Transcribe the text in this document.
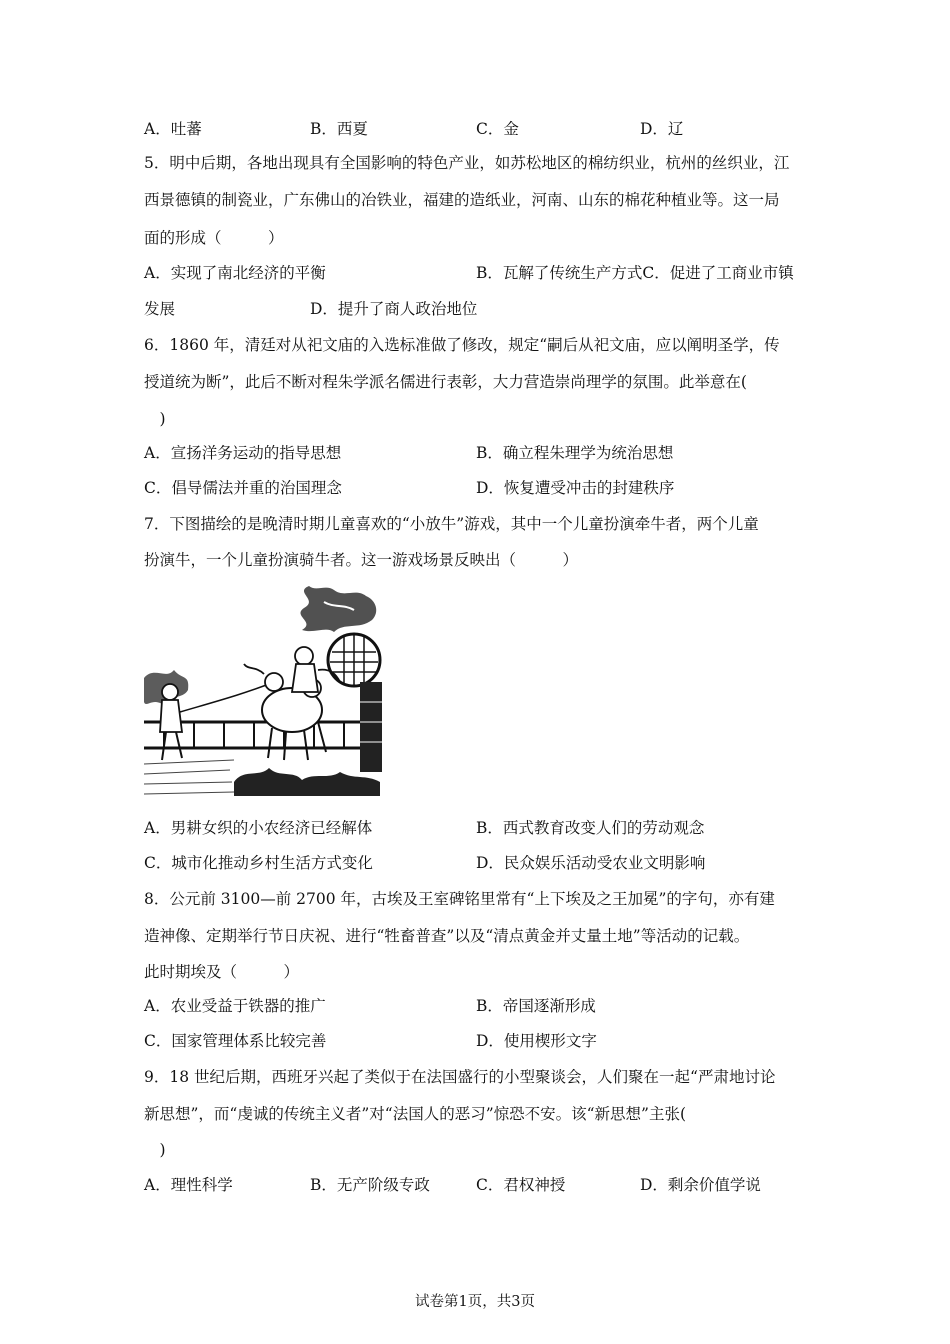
A．吐蕃	B．西夏	C．金	D．辽
5．明中后期，各地出现具有全国影响的特色产业，如苏松地区的棉纺织业，杭州的丝织业，江
西景德镇的制瓷业，广东佛山的冶铁业，福建的造纸业，河南、山东的棉花种植业等。这一局
面的形成（　　　）
A．实现了南北经济的平衡	B．瓦解了传统生产方式C．促进了工商业市镇
发展	D．提升了商人政治地位
6．1860 年，清廷对从祀文庙的入选标准做了修改，规定“嗣后从祀文庙，应以阐明圣学，传
授道统为断”，此后不断对程朱学派名儒进行表彰，大力营造崇尚理学的氛围。此举意在(
　)
A．宣扬洋务运动的指导思想	B．确立程朱理学为统治思想
C．倡导儒法并重的治国理念	D．恢复遭受冲击的封建秩序
7．下图描绘的是晚清时期儿童喜欢的“小放牛”游戏，其中一个儿童扮演牵牛者，两个儿童
扮演牛，一个儿童扮演骑牛者。这一游戏场景反映出（　　　）
A．男耕女织的小农经济已经解体	B．西式教育改变人们的劳动观念
C．城市化推动乡村生活方式变化	D．民众娱乐活动受农业文明影响
8．公元前 3100—前 2700 年，古埃及王室碑铭里常有“上下埃及之王加冕”的字句，亦有建
造神像、定期举行节日庆祝、进行“牲畜普查”以及“清点黄金并丈量土地”等活动的记载。
此时期埃及（　　　）
A．农业受益于铁器的推广	B．帝国逐渐形成
C．国家管理体系比较完善	D．使用楔形文字
9．18 世纪后期，西班牙兴起了类似于在法国盛行的小型聚谈会，人们聚在一起“严肃地讨论
新思想”，而“虔诚的传统主义者”对“法国人的恶习”惊恐不安。该“新思想”主张(
　)
A．理性科学	B．无产阶级专政	C．君权神授	D．剩余价值学说
试卷第1页，共3页
